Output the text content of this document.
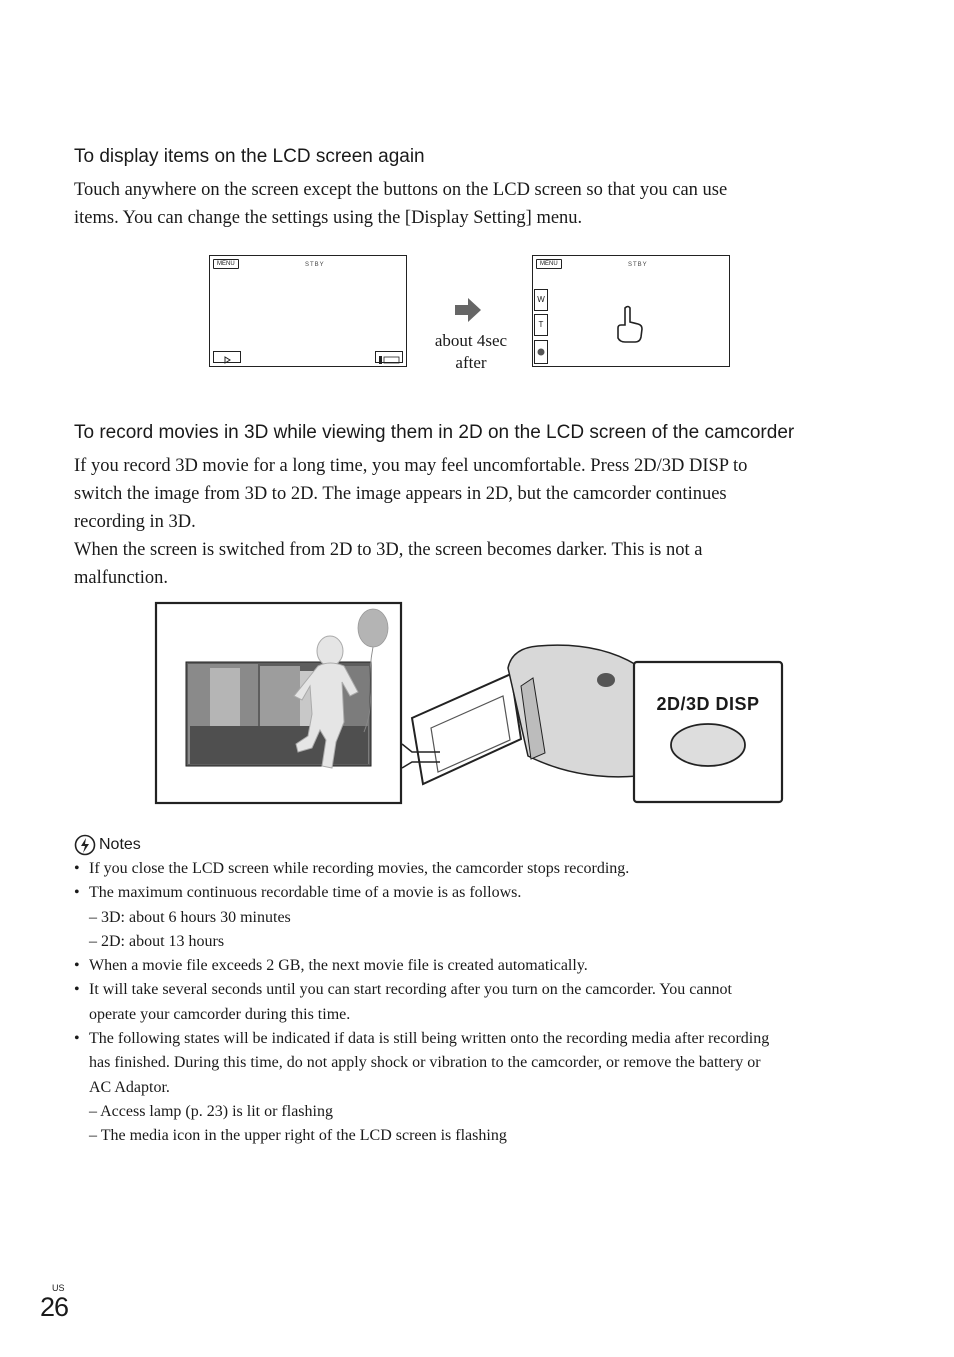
To display items on the LCD screen again

Touch anywhere on the screen except the buttons on the LCD screen so that you can use

items. You can change the settings using the [Display Setting] menu.

MENU	STBY
about 4sec
after
MENU	STBY
W
T
To record movies in 3D while viewing them in 2D on the LCD screen of the camcorder

If you record 3D movie for a long time, you may feel uncomfortable. Press 2D/3D DISP to

switch the image from 3D to 2D. The image appears in 2D, but the camcorder continues

recording in 3D.

When the screen is switched from 2D to 3D, the screen becomes darker. This is not a

malfunction.

2D/3D DISP
Notes
• If you close the LCD screen while recording movies, the camcorder stops recording.
• The maximum continuous recordable time of a movie is as follows.
– 3D: about 6 hours 30 minutes
– 2D: about 13 hours
• When a movie file exceeds 2 GB, the next movie file is created automatically.
• It will take several seconds until you can start recording after you turn on the camcorder. You cannot
operate your camcorder during this time.
• The following states will be indicated if data is still being written onto the recording media after recording
has finished. During this time, do not apply shock or vibration to the camcorder, or remove the battery or
AC Adaptor.
– Access lamp (p. 23) is lit or flashing
– The media icon in the upper right of the LCD screen is flashing
US
26
